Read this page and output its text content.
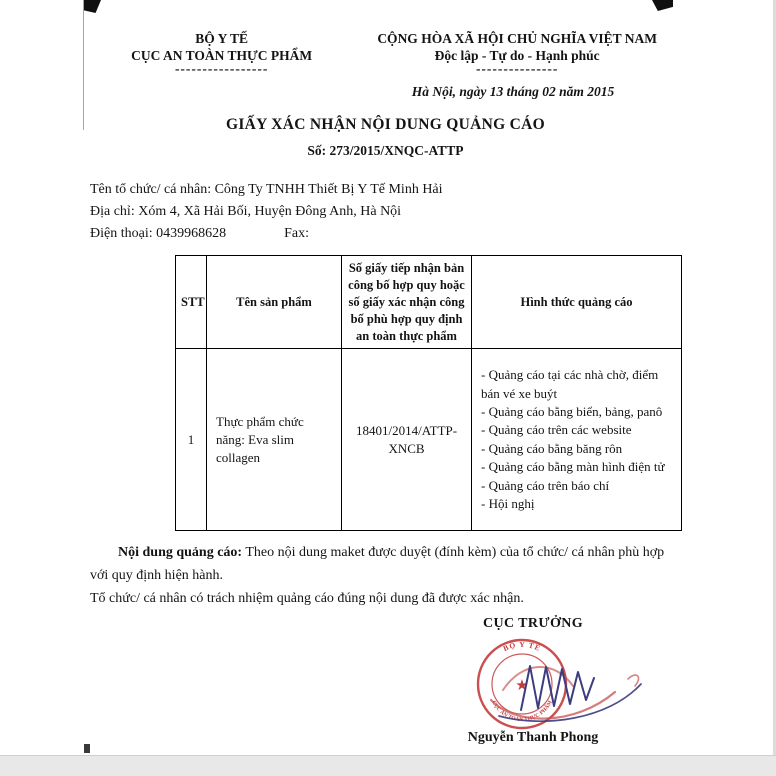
BỘ Y TẾ
CỤC AN TOÀN THỰC PHẨM
-----------------
CỘNG HÒA XÃ HỘI CHỦ NGHĨA VIỆT NAM
Độc lập - Tự do - Hạnh phúc
---------------
Hà Nội, ngày 13 tháng 02 năm 2015
GIẤY XÁC NHẬN NỘI DUNG QUẢNG CÁO
Số: 273/2015/XNQC-ATTP
Tên tổ chức/ cá nhân: Công Ty TNHH Thiết Bị Y Tế Minh Hải
Địa chỉ: Xóm 4, Xã Hải Bối, Huyện Đông Anh, Hà Nội
Điện thoại: 0439968628	Fax:
STT	Tên sản phẩm	Số giấy tiếp nhận bản công bố hợp quy hoặc số giấy xác nhận công bố phù hợp quy định an toàn thực phẩm	Hình thức quảng cáo
1	Thực phẩm chức năng: Eva slim collagen	18401/2014/ATTP-XNCB	
- Quảng cáo tại các nhà chờ, điểm bán vé xe buýt
- Quảng cáo bằng biển, bảng, panô
- Quảng cáo trên các website
- Quảng cáo bằng băng rôn
- Quảng cáo bằng màn hình điện tử
- Quảng cáo trên báo chí
- Hội nghị
Nội dung quảng cáo: Theo nội dung maket được duyệt (đính kèm) của tổ chức/ cá nhân phù hợp với quy định hiện hành.
Tổ chức/ cá nhân có trách nhiệm quảng cáo đúng nội dung đã được xác nhận.
CỤC TRƯỞNG
BỘ Y TẾ
CỤC AN TOÀN THỰC PHẨM
★
Nguyễn Thanh Phong
